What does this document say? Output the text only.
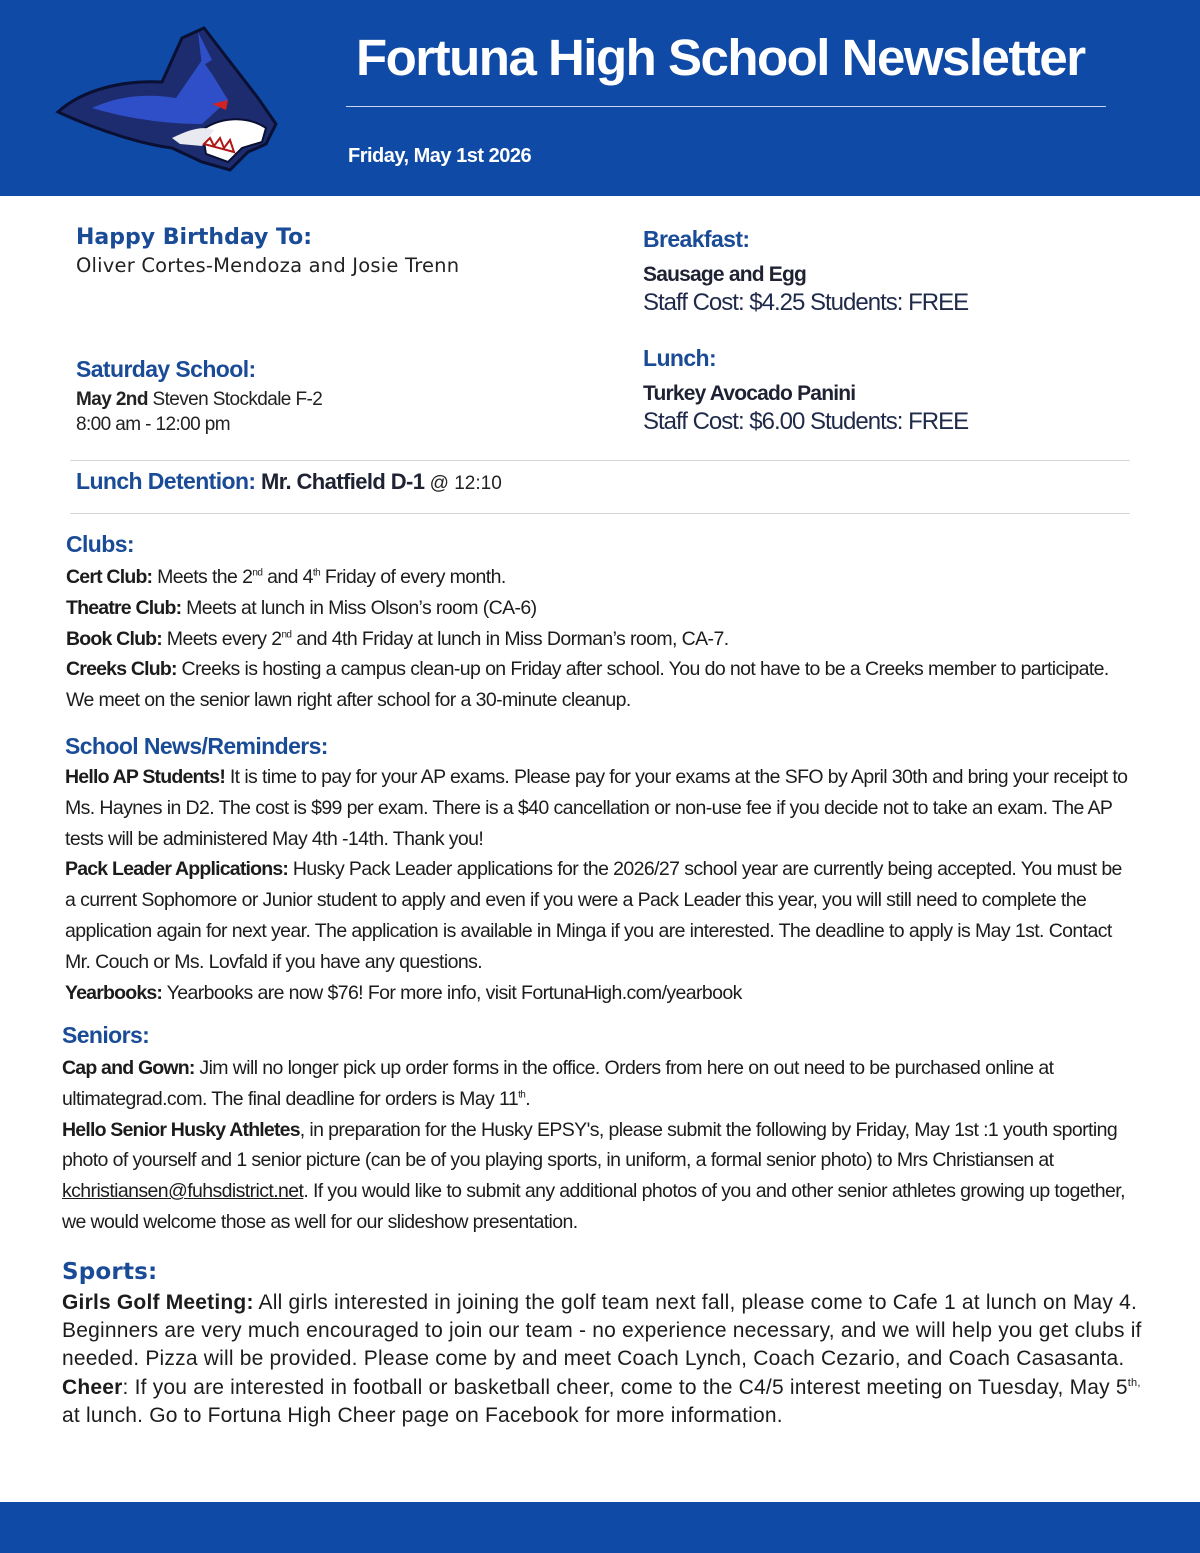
Fortuna High School Newsletter

Friday, May 1st 2026

Happy Birthday To:

Oliver Cortes-Mendoza and Josie Trenn

Saturday School:

May 2nd Steven Stockdale F-2

8:00 am - 12:00 pm

Breakfast:

Sausage and Egg

Staff Cost: $4.25 Students: FREE

Lunch:

Turkey Avocado Panini

Staff Cost: $6.00 Students: FREE

Lunch Detention: Mr. Chatfield D-1 @ 12:10

Clubs:

Cert Club: Meets the 2nd and 4th Friday of every month.
Theatre Club: Meets at lunch in Miss Olson’s room (CA-6)
Book Club: Meets every 2nd and 4th Friday at lunch in Miss Dorman’s room, CA-7.
Creeks Club: Creeks is hosting a campus clean-up on Friday after school. You do not have to be a Creeks member to participate. We meet on the senior lawn right after school for a 30-minute cleanup.

School News/Reminders:

Hello AP Students! It is time to pay for your AP exams. Please pay for your exams at the SFO by April 30th and bring your receipt to Ms. Haynes in D2. The cost is $99 per exam. There is a $40 cancellation or non-use fee if you decide not to take an exam. The AP tests will be administered May 4th -14th. Thank you!
Pack Leader Applications: Husky Pack Leader applications for the 2026/27 school year are currently being accepted. You must be a current Sophomore or Junior student to apply and even if you were a Pack Leader this year, you will still need to complete the application again for next year. The application is available in Minga if you are interested. The deadline to apply is May 1st. Contact Mr. Couch or Ms. Lovfald if you have any questions.
Yearbooks: Yearbooks are now $76! For more info, visit FortunaHigh.com/yearbook

Seniors:

Cap and Gown: Jim will no longer pick up order forms in the office. Orders from here on out need to be purchased online at ultimategrad.com. The final deadline for orders is May 11th.
Hello Senior Husky Athletes, in preparation for the Husky EPSY's, please submit the following by Friday, May 1st :1 youth sporting photo of yourself and 1 senior picture (can be of you playing sports, in uniform, a formal senior photo) to Mrs Christiansen at kchristiansen@fuhsdistrict.net. If you would like to submit any additional photos of you and other senior athletes growing up together, we would welcome those as well for our slideshow presentation.

Sports:

Girls Golf Meeting: All girls interested in joining the golf team next fall, please come to Cafe 1 at lunch on May 4. Beginners are very much encouraged to join our team - no experience necessary, and we will help you get clubs if needed. Pizza will be provided. Please come by and meet Coach Lynch, Coach Cezario, and Coach Casasanta.
Cheer: If you are interested in football or basketball cheer, come to the C4/5 interest meeting on Tuesday, May $5^{th,}$ at lunch. Go to Fortuna High Cheer page on Facebook for more information.
